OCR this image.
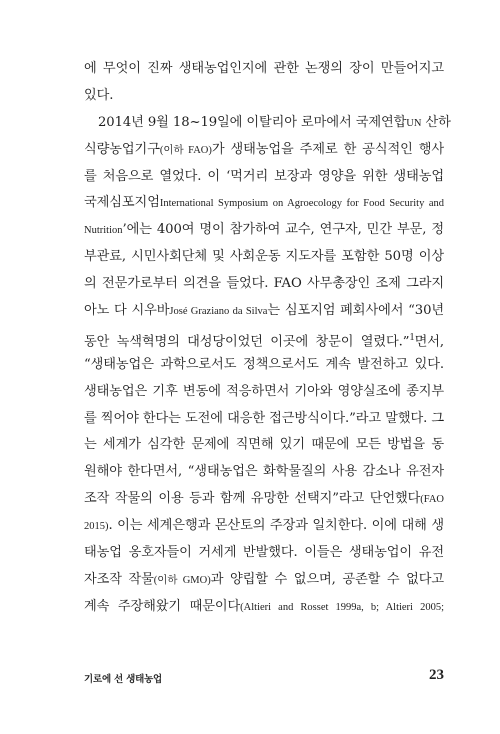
에 무엇이 진짜 생태농업인지에 관한 논쟁의 장이 만들어지고
있다.
2014년 9월 18~19일에 이탈리아 로마에서 국제연합UN 산하
식량농업기구(이하 FAO)가 생태농업을 주제로 한 공식적인 행사
를 처음으로 열었다. 이 ‘먹거리 보장과 영양을 위한 생태농업
국제심포지엄International Symposium on Agroecology for Food Security and
Nutrition’에는 400여 명이 참가하여 교수, 연구자, 민간 부문, 정
부관료, 시민사회단체 및 사회운동 지도자를 포함한 50명 이상
의 전문가로부터 의견을 들었다. FAO 사무총장인 조제 그라지
아노 다 시우바José Graziano da Silva는 심포지엄 폐회사에서 “30년
동안 녹색혁명의 대성당이었던 이곳에 창문이 열렸다.”$^1$면서,
“생태농업은 과학으로서도 정책으로서도 계속 발전하고 있다.
생태농업은 기후 변동에 적응하면서 기아와 영양실조에 종지부
를 찍어야 한다는 도전에 대응한 접근방식이다.”라고 말했다. 그
는 세계가 심각한 문제에 직면해 있기 때문에 모든 방법을 동
원해야 한다면서, “생태농업은 화학물질의 사용 감소나 유전자
조작 작물의 이용 등과 함께 유망한 선택지”라고 단언했다(FAO
2015). 이는 세계은행과 몬산토의 주장과 일치한다. 이에 대해 생
태농업 옹호자들이 거세게 반발했다. 이들은 생태농업이 유전
자조작 작물(이하 GMO)과 양립할 수 없으며, 공존할 수 없다고
계속 주장해왔기 때문이다(Altieri and Rosset 1999a, b; Altieri 2005;
기로에 선 생태농업	23
